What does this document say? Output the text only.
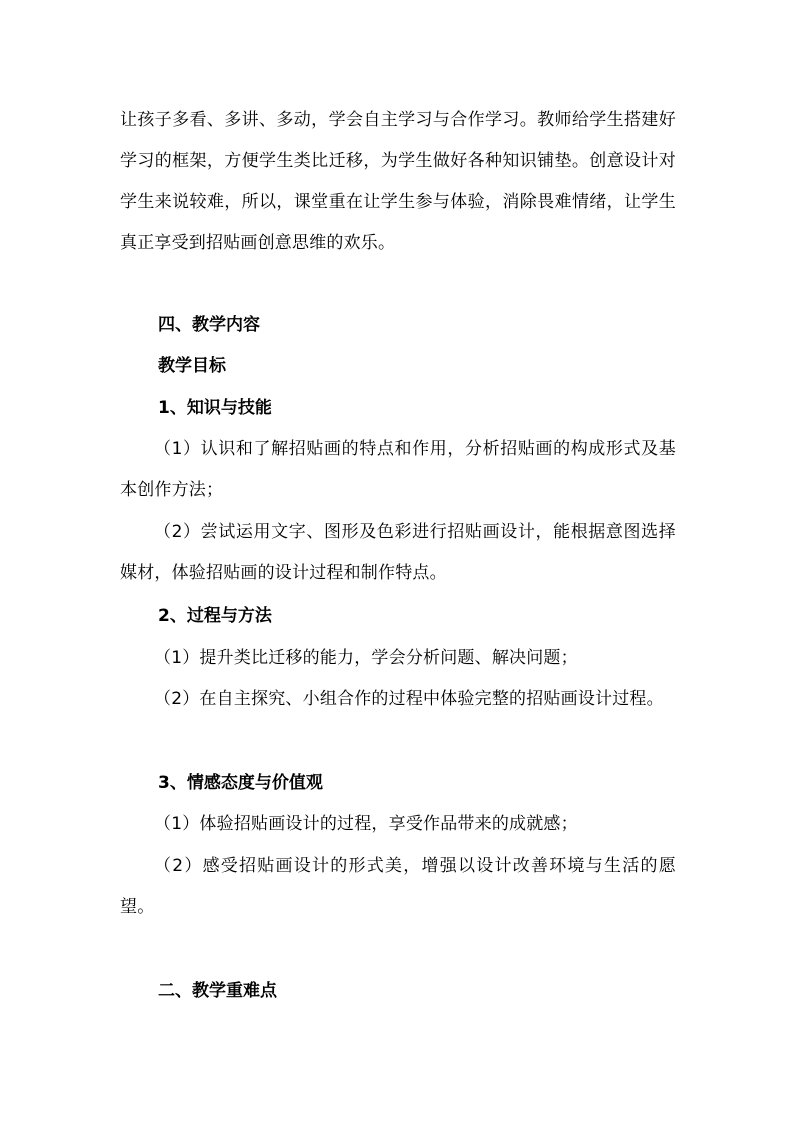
让孩子多看、多讲、多动，学会自主学习与合作学习。教师给学生搭建好学习的框架，方便学生类比迁移，为学生做好各种知识铺垫。创意设计对学生来说较难，所以，课堂重在让学生参与体验，消除畏难情绪，让学生真正享受到招贴画创意思维的欢乐。

四、教学内容

教学目标

1、知识与技能

（1）认识和了解招贴画的特点和作用，分析招贴画的构成形式及基本创作方法；

（2）尝试运用文字、图形及色彩进行招贴画设计，能根据意图选择媒材，体验招贴画的设计过程和制作特点。

2、过程与方法

（1）提升类比迁移的能力，学会分析问题、解决问题；

（2）在自主探究、小组合作的过程中体验完整的招贴画设计过程。

3、情感态度与价值观

（1）体验招贴画设计的过程，享受作品带来的成就感；

（2）感受招贴画设计的形式美，增强以设计改善环境与生活的愿望。

二、教学重难点
